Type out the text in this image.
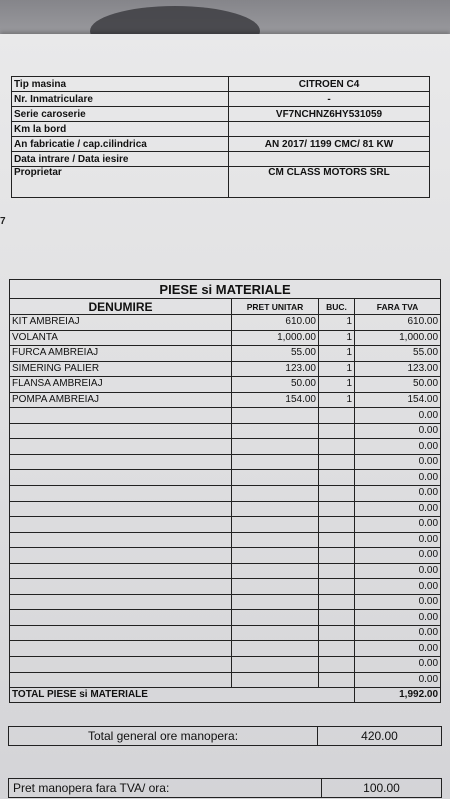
Tip masina	CITROEN C4
Nr. Inmatriculare	-
Serie caroserie	VF7NCHNZ6HY531059
Km la bord	
An fabricatie / cap.cilindrica	AN 2017/ 1199 CMC/ 81 KW
Data intrare / Data iesire	
Proprietar	CM CLASS MOTORS SRL
7
PIESE si MATERIALE			
DENUMIRE	PRET UNITAR	BUC.	FARA TVA
KIT AMBREIAJ	610.00	1	610.00
VOLANTA	1,000.00	1	1,000.00
FURCA AMBREIAJ	55.00	1	55.00
SIMERING PALIER	123.00	1	123.00
FLANSA AMBREIAJ	50.00	1	50.00
POMPA AMBREIAJ	154.00	1	154.00
			0.00
			0.00
			0.00
			0.00
			0.00
			0.00
			0.00
			0.00
			0.00
			0.00
			0.00
			0.00
			0.00
			0.00
			0.00
			0.00
			0.00
			0.00
TOTAL PIESE si MATERIALE			1,992.00
Total general ore manopera:	420.00
Pret manopera fara TVA/ ora:	100.00
